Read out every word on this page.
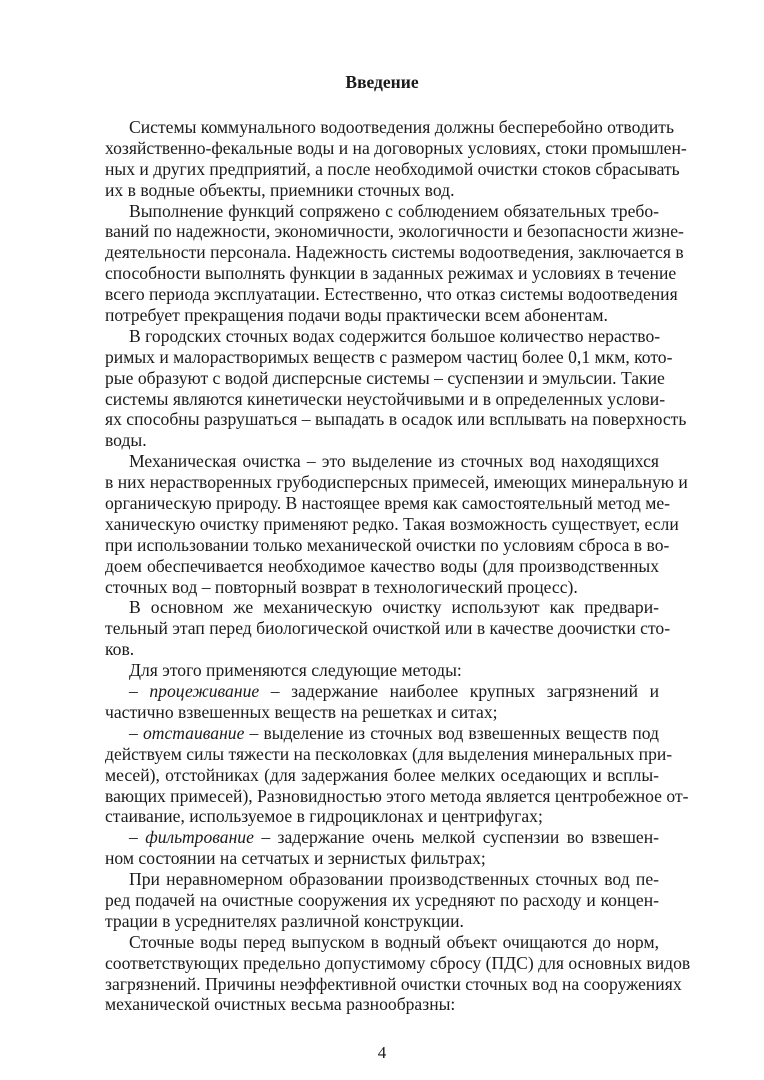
Введение
Системы коммунального водоотведения должны бесперебойно отводить
хозяйственно-фекальные воды и на договорных условиях, стоки промышлен-
ных и других предприятий, а после необходимой очистки стоков сбрасывать
их в водные объекты, приемники сточных вод.
Выполнение функций сопряжено с соблюдением обязательных требо-
ваний по надежности, экономичности, экологичности и безопасности жизне-
деятельности персонала. Надежность системы водоотведения, заключается в
способности выполнять функции в заданных режимах и условиях в течение
всего периода эксплуатации. Естественно, что отказ системы водоотведения
потребует прекращения подачи воды практически всем абонентам.
В городских сточных водах содержится большое количество нераство-
римых и малорастворимых веществ с размером частиц более 0,1 мкм, кото-
рые образуют с водой дисперсные системы – суспензии и эмульсии. Такие
системы являются кинетически неустойчивыми и в определенных услови-
ях способны разрушаться – выпадать в осадок или всплывать на поверхность
воды.
Механическая очистка – это выделение из сточных вод находящихся
в них нерастворенных грубодисперсных примесей, имеющих минеральную и
органическую природу. В настоящее время как самостоятельный метод ме-
ханическую очистку применяют редко. Такая возможность существует, если
при использовании только механической очистки по условиям сброса в во-
доем обеспечивается необходимое качество воды (для производственных
сточных вод – повторный возврат в технологический процесс).
В основном же механическую очистку используют как предвари-
тельный этап перед биологической очисткой или в качестве доочистки сто-
ков.
Для этого применяются следующие методы:
– процеживание – задержание наиболее крупных загрязнений и
частично взвешенных веществ на решетках и ситах;
– отстаивание – выделение из сточных вод взвешенных веществ под
действуем силы тяжести на песколовках (для выделения минеральных при-
месей), отстойниках (для задержания более мелких оседающих и всплы-
вающих примесей), Разновидностью этого метода является центробежное от-
стаивание, используемое в гидроциклонах и центрифугах;
– фильтрование – задержание очень мелкой суспензии во взвешен-
ном состоянии на сетчатых и зернистых фильтрах;
При неравномерном образовании производственных сточных вод пе-
ред подачей на очистные сооружения их усредняют по расходу и концен-
трации в усреднителях различной конструкции.
Сточные воды перед выпуском в водный объект очищаются до норм,
соответствующих предельно допустимому сбросу (ПДС) для основных видов
загрязнений. Причины неэффективной очистки сточных вод на сооружениях
механической очистных весьма разнообразны:
4
